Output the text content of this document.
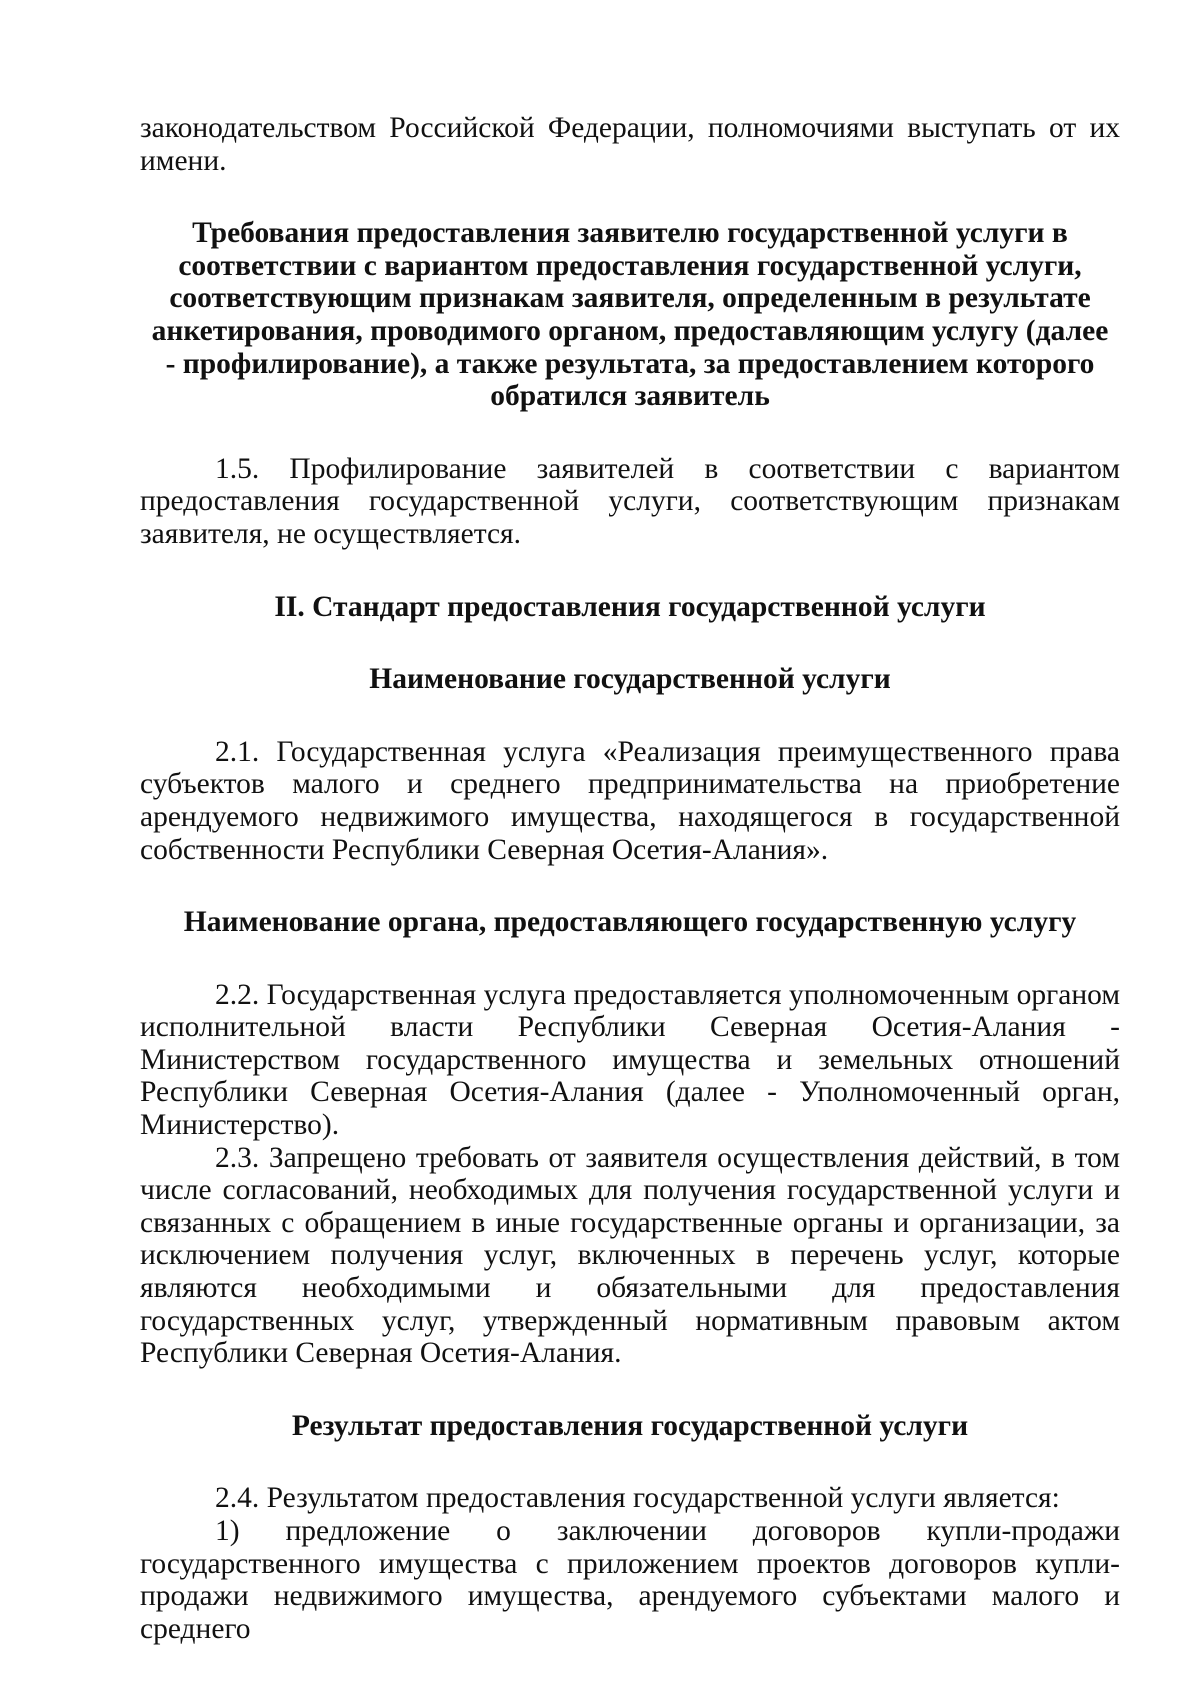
законодательством Российской Федерации, полномочиями выступать от их
имени.

Требования предоставления заявителю государственной услуги в соответствии с вариантом предоставления государственной услуги, соответствующим признакам заявителя, определенным в результате анкетирования, проводимого органом, предоставляющим услугу (далее - профилирование), а также результата, за предоставлением которого обратился заявитель

1.5. Профилирование заявителей в соответствии с вариантом
предоставления государственной услуги, соответствующим признакам
заявителя, не осуществляется.

II. Стандарт предоставления государственной услуги

Наименование государственной услуги

2.1. Государственная услуга «Реализация преимущественного права
субъектов малого и среднего предпринимательства на приобретение
арендуемого недвижимого имущества, находящегося в государственной
собственности Республики Северная Осетия-Алания».

Наименование органа, предоставляющего государственную услугу

2.2. Государственная услуга предоставляется уполномоченным органом
исполнительной власти Республики Северная Осетия-Алания -
Министерством государственного имущества и земельных отношений
Республики Северная Осетия-Алания (далее - Уполномоченный орган,
Министерство).

2.3. Запрещено требовать от заявителя осуществления действий, в том
числе согласований, необходимых для получения государственной услуги и
связанных с обращением в иные государственные органы и организации, за
исключением получения услуг, включенных в перечень услуг, которые
являются необходимыми и обязательными для предоставления
государственных услуг, утвержденный нормативным правовым актом
Республики Северная Осетия-Алания.

Результат предоставления государственной услуги

2.4. Результатом предоставления государственной услуги является:

1) предложение о заключении договоров купли-продажи
государственного имущества с приложением проектов договоров купли-
продажи недвижимого имущества, арендуемого субъектами малого и среднего
